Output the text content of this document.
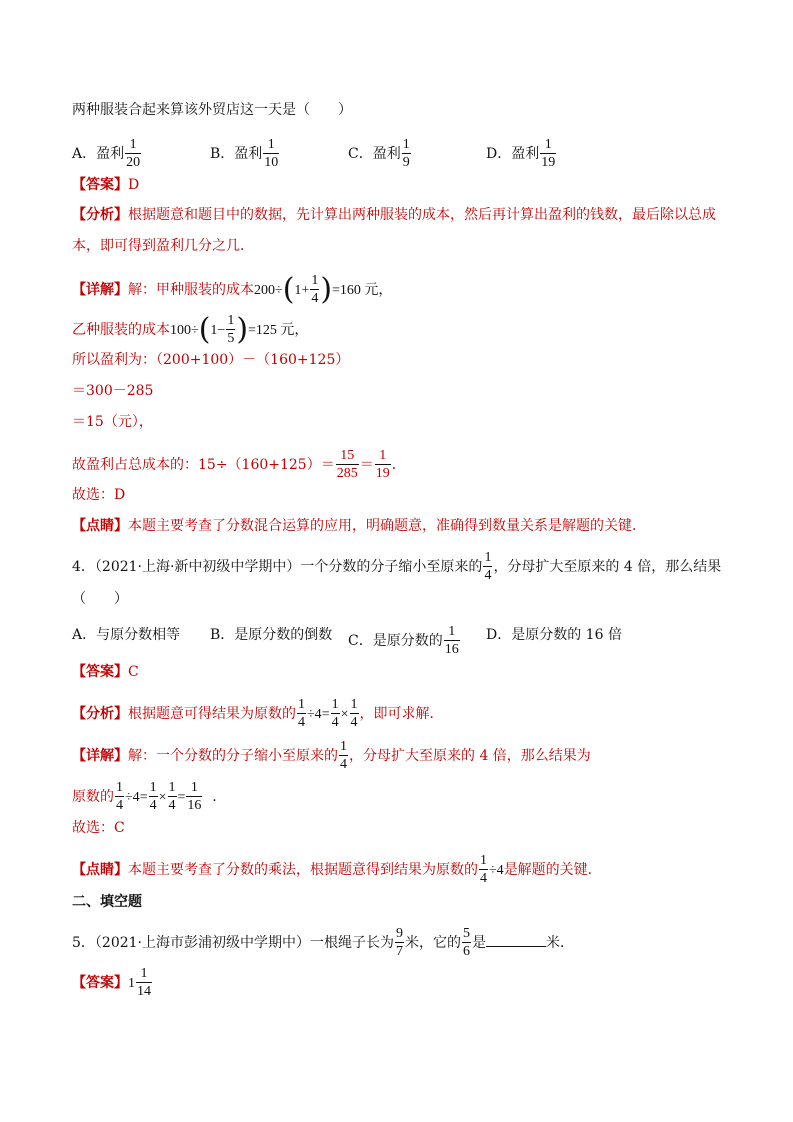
两种服装合起来算该外贸店这一天是（　　）
A．盈利 $\frac{1}{20}$	B．盈利 $\frac{1}{10}$	C．盈利 $\frac{1}{9}$	D．盈利 $\frac{1}{19}$
【答案】D
【分析】根据题意和题目中的数据，先计算出两种服装的成本，然后再计算出盈利的钱数，最后除以总成
本，即可得到盈利几分之几．
【详解】解：甲种服装的成本$200\div(1+ \frac{1}{4} )=160$ 元，
乙种服装的成本$100\div(1- \frac{1}{5} )=125$ 元，
所以盈利为：（200+100）－（160+125）
＝300－285
＝15（元），
故盈利占总成本的：$15\div(160+125)= \frac{15}{285} = \frac{1}{19}$ ．
故选：D
【点睛】本题主要考查了分数混合运算的应用，明确题意，准确得到数量关系是解题的关键．
4．（2021·上海·新中初级中学期中）一个分数的分子缩小至原来的 $\frac{1}{4}$ ，分母扩大至原来的 4 倍，那么结果
（　　）
A．与原分数相等 B．是原分数的倒数 C．是原分数的 $\frac{1}{16}$ D．是原分数的 16 倍
【答案】C
【分析】根据题意可得结果为原数的 $\frac{1}{4} \div 4= \frac{1}{4} \times \frac{1}{4}$ ，即可求解．
【详解】解：一个分数的分子缩小至原来的 $\frac{1}{4}$ ，分母扩大至原来的 4 倍，那么结果为
原数的 $\frac{1}{4} \div 4= \frac{1}{4} \times \frac{1}{4} = \frac{1}{16}$ .
故选：C
【点睛】本题主要考查了分数的乘法，根据题意得到结果为原数的 $\frac{1}{4} \div 4$是解题的关键．
二、填空题
5．（2021·上海市彭浦初级中学期中）一根绳子长为 $\frac{9}{7}$ 米，它的 $\frac{5}{6}$ 是	米．
【答案】$1 \frac{1}{14}$
